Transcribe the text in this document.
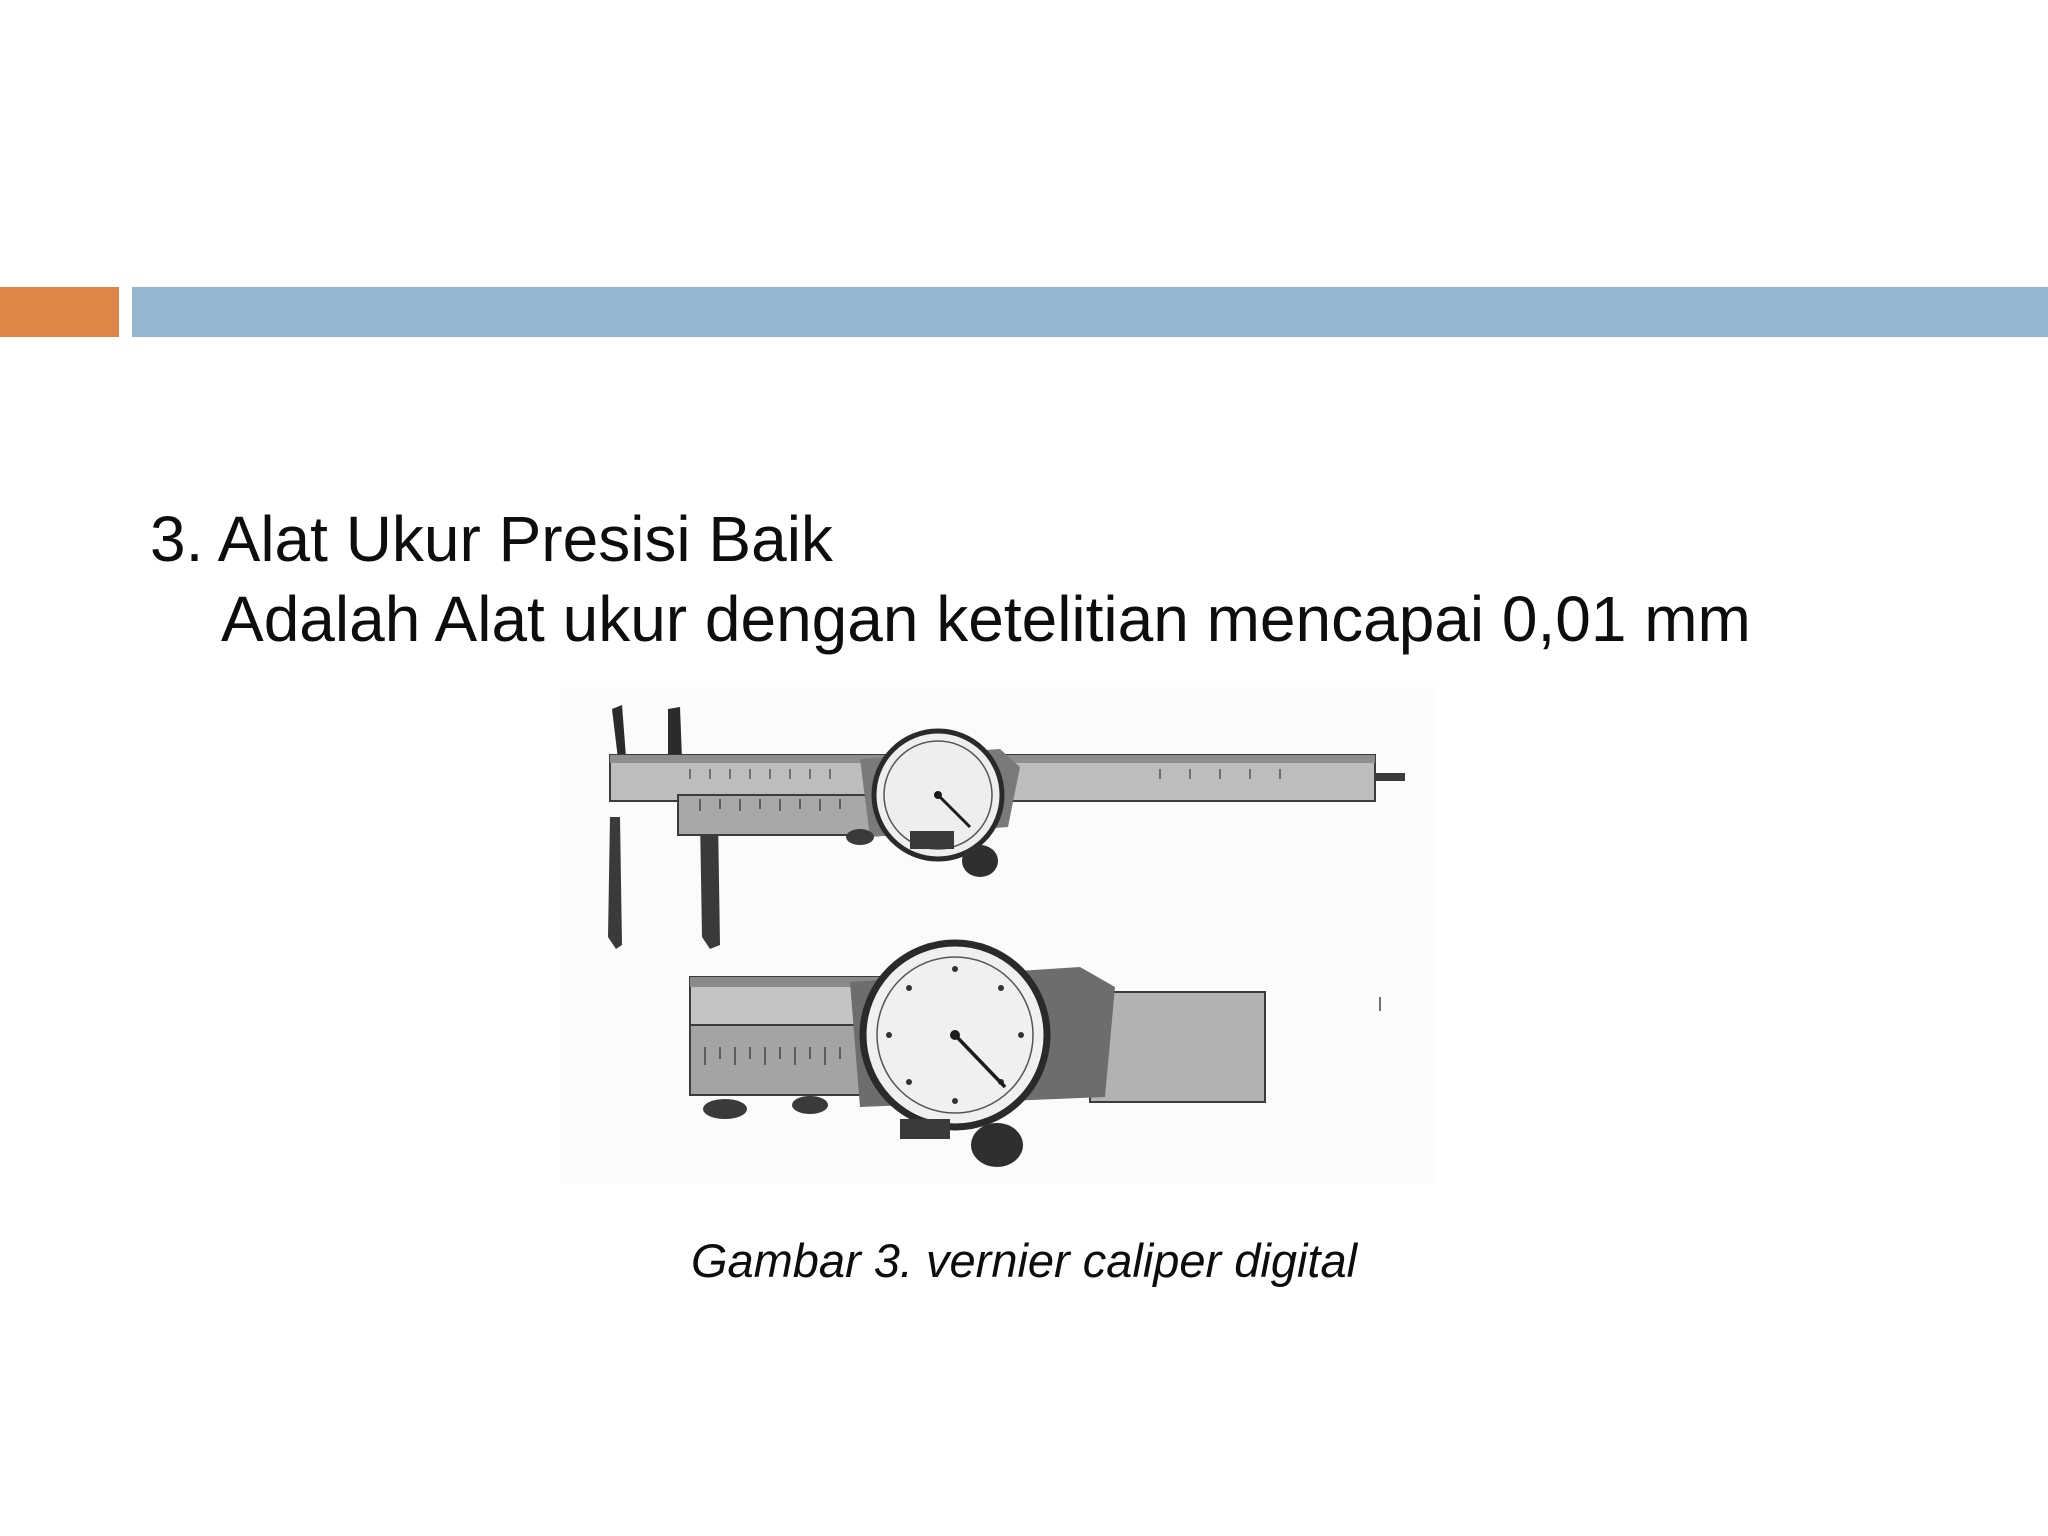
3. Alat Ukur Presisi Baik

Adalah Alat ukur dengan ketelitian mencapai 0,01 mm

Gambar 3. vernier caliper digital
